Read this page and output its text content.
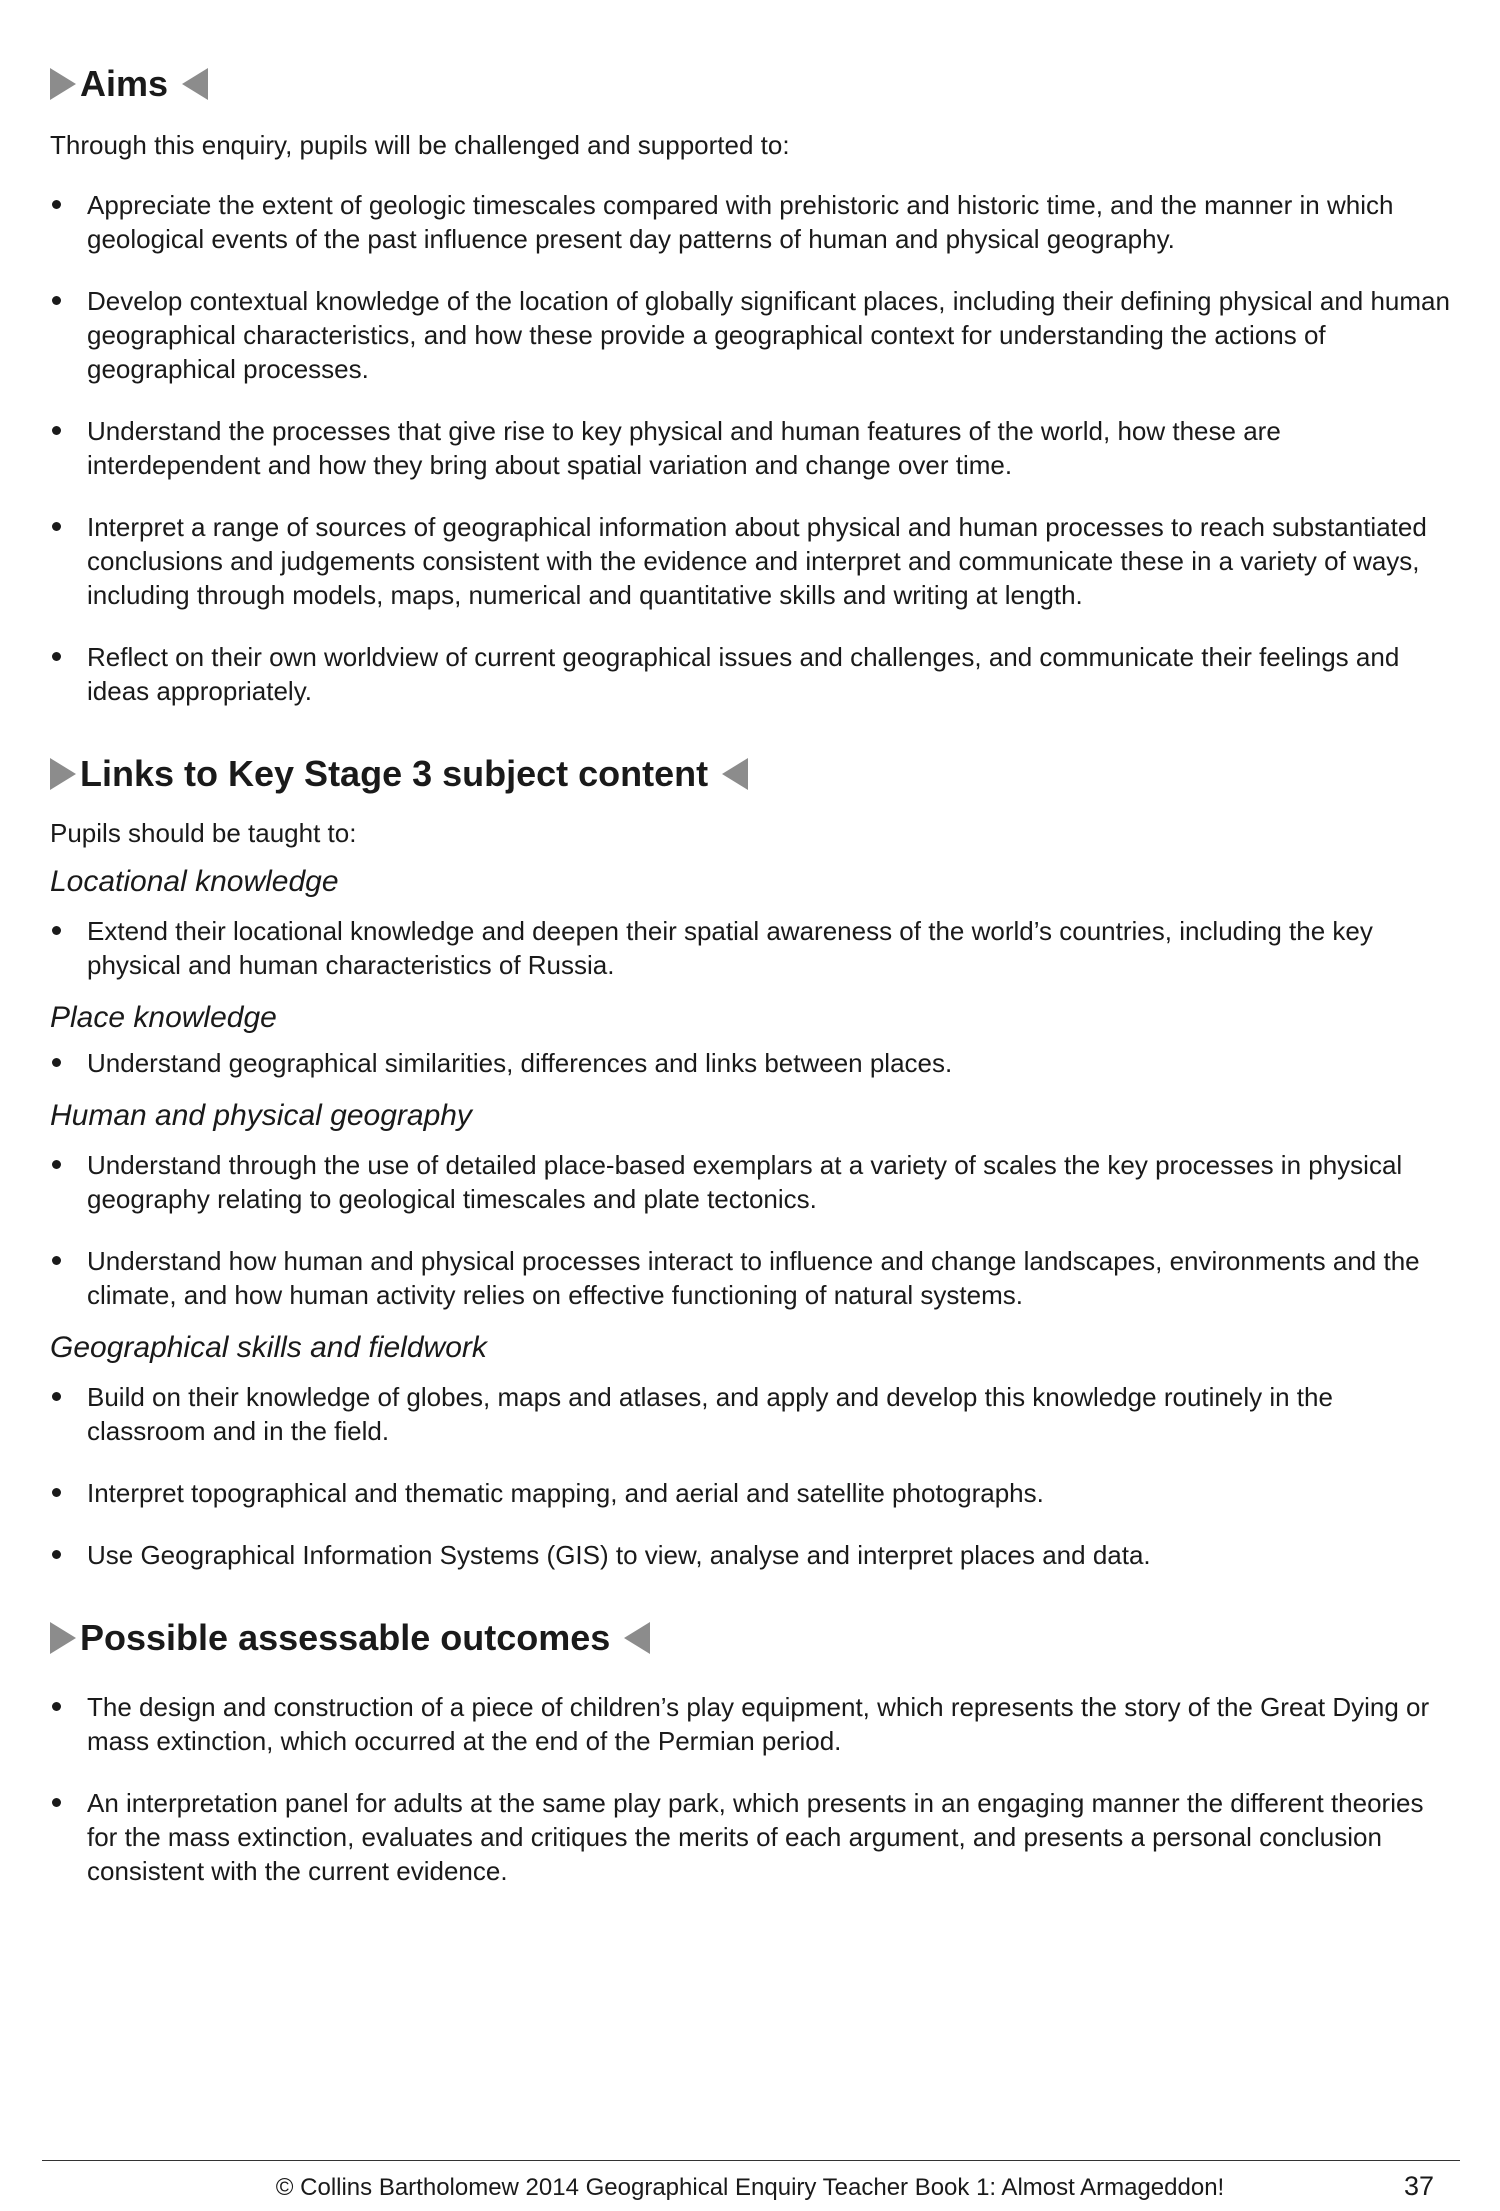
Aims

Through this enquiry, pupils will be challenged and supported to:

Appreciate the extent of geologic timescales compared with prehistoric and historic time, and the manner in which geological events of the past influence present day patterns of human and physical geography.
Develop contextual knowledge of the location of globally significant places, including their defining physical and human geographical characteristics, and how these provide a geographical context for understanding the actions of geographical processes.
Understand the processes that give rise to key physical and human features of the world, how these are interdependent and how they bring about spatial variation and change over time.
Interpret a range of sources of geographical information about physical and human processes to reach substantiated conclusions and judgements consistent with the evidence and interpret and communicate these in a variety of ways, including through models, maps, numerical and quantitative skills and writing at length.
Reflect on their own worldview of current geographical issues and challenges, and communicate their feelings and ideas appropriately.
Links to Key Stage 3 subject content

Pupils should be taught to:

Locational knowledge

Extend their locational knowledge and deepen their spatial awareness of the world’s countries, including the key physical and human characteristics of Russia.

Place knowledge

Understand geographical similarities, differences and links between places.

Human and physical geography

Understand through the use of detailed place-based exemplars at a variety of scales the key processes in physical geography relating to geological timescales and plate tectonics.
Understand how human and physical processes interact to influence and change landscapes, environments and the climate, and how human activity relies on effective functioning of natural systems.

Geographical skills and fieldwork

Build on their knowledge of globes, maps and atlases, and apply and develop this knowledge routinely in the classroom and in the field.
Interpret topographical and thematic mapping, and aerial and satellite photographs.
Use Geographical Information Systems (GIS) to view, analyse and interpret places and data.
Possible assessable outcomes
The design and construction of a piece of children’s play equipment, which represents the story of the Great Dying or mass extinction, which occurred at the end of the Permian period.
An interpretation panel for adults at the same play park, which presents in an engaging manner the different theories for the mass extinction, evaluates and critiques the merits of each argument, and presents a personal conclusion consistent with the current evidence.
© Collins Bartholomew 2014 Geographical Enquiry Teacher Book 1: Almost Armageddon!	37
